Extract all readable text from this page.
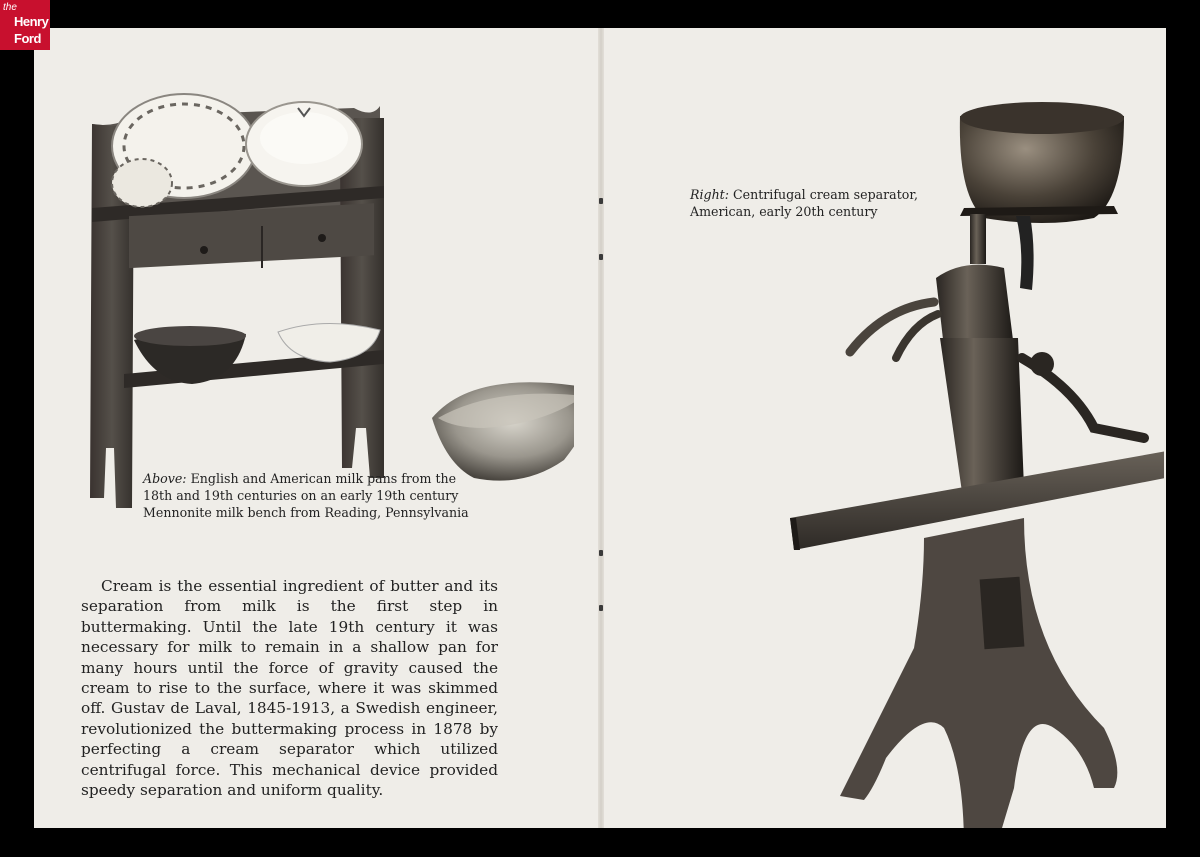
the
Henry
Ford
Above: English and American milk pans from the
18th and 19th centuries on an early 19th century
Mennonite milk bench from Reading, Pennsylvania
Cream is the essential ingredient of butter and its separation from milk is the first step in buttermaking. Until the late 19th century it was necessary for milk to remain in a shallow pan for many hours until the force of gravity caused the cream to rise to the surface, where it was skimmed off. Gustav de Laval, 1845-1913, a Swedish engineer, revolutionized the buttermaking process in 1878 by perfecting a cream separator which utilized centrifugal force. This mechanical device provided speedy separation and uniform quality.
Right: Centrifugal cream separator,
American, early 20th century
